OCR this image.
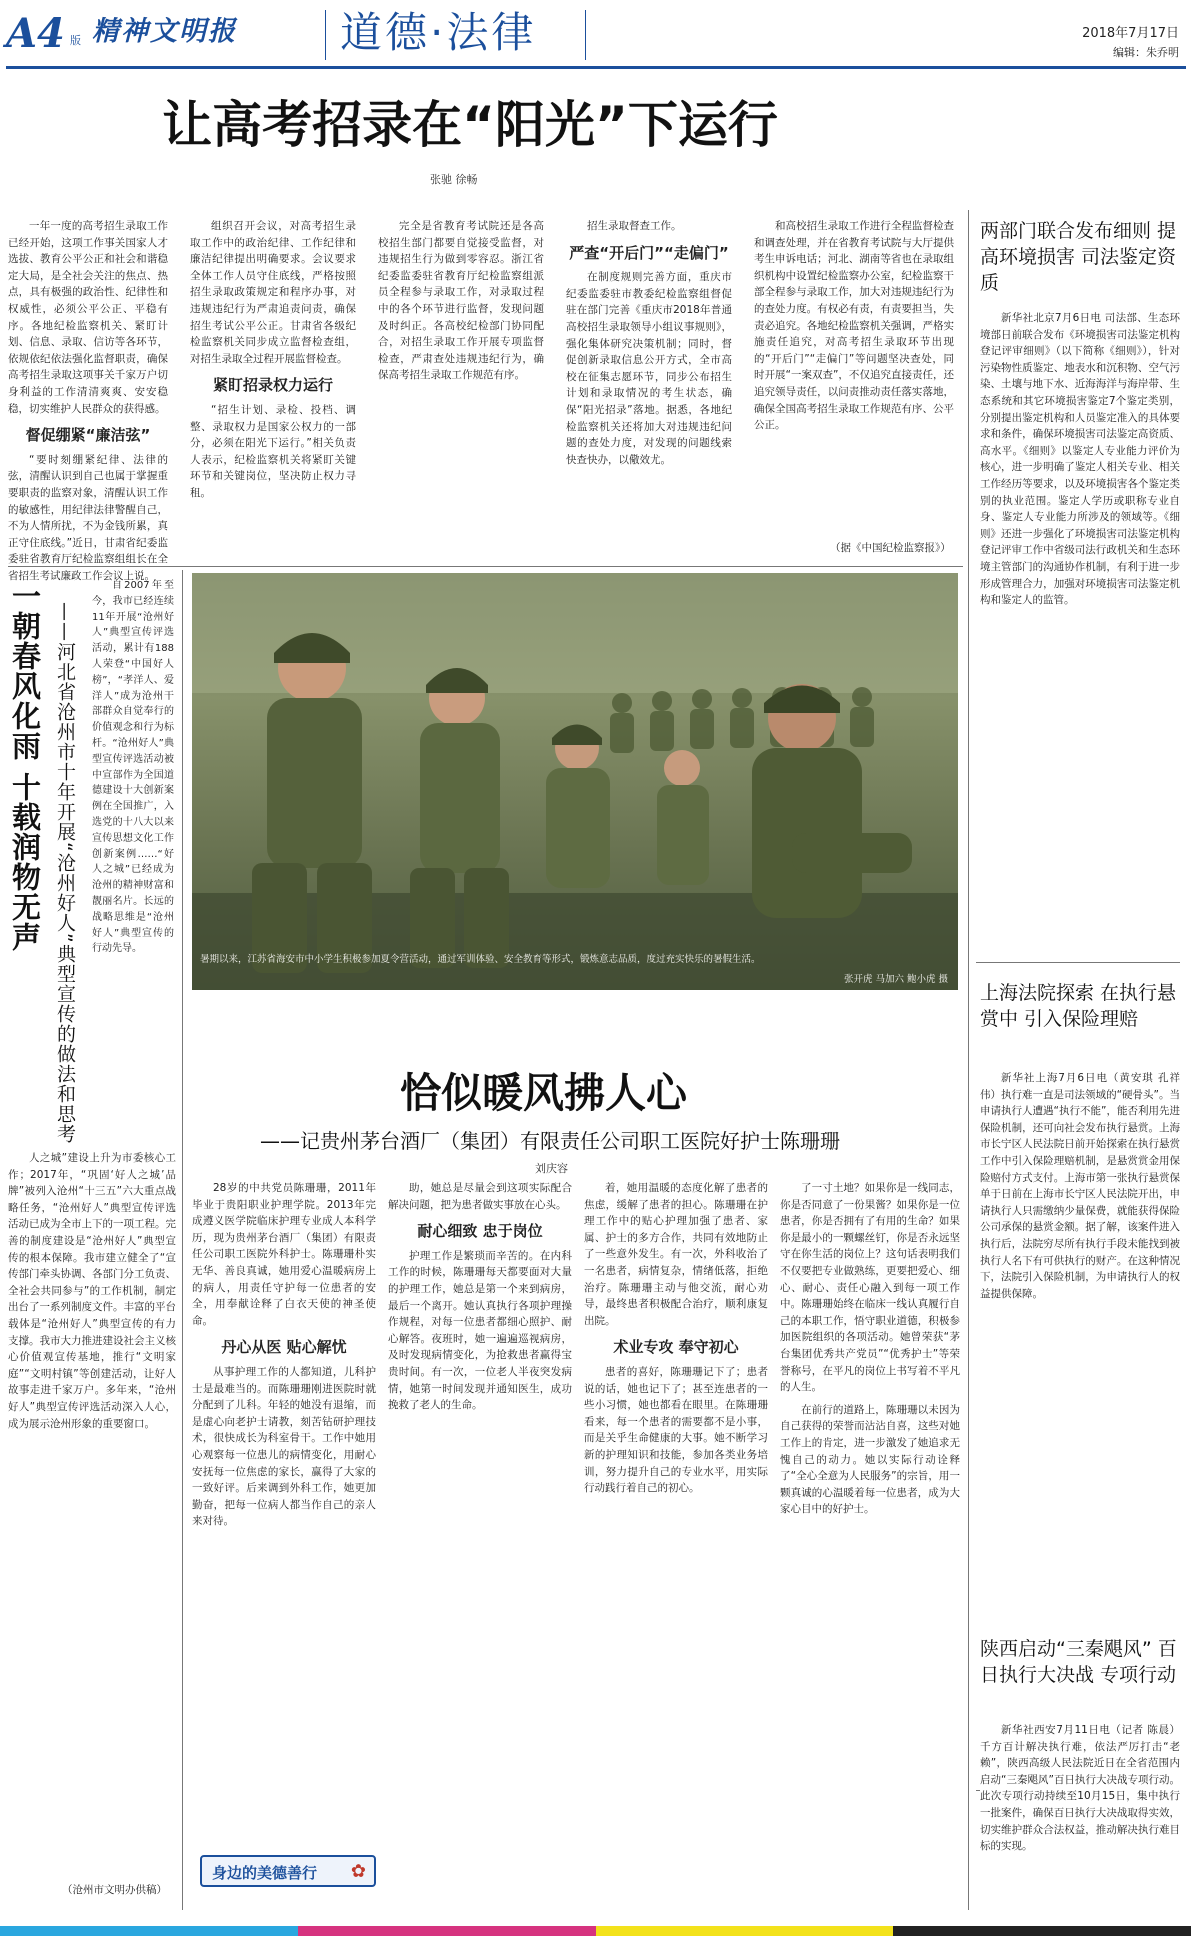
A4 版 精神文明报 道德·法律	2018年7月17日
编辑：朱乔明
让高考招录在“阳光”下运行
张驰 徐畅

一年一度的高考招生录取工作已经开始，这项工作事关国家人才选拔、教育公平公正和社会和谐稳定大局，是全社会关注的焦点、热点，具有极强的政治性、纪律性和权威性，必须公平公正、平稳有序。各地纪检监察机关、紧盯计划、信息、录取、信访等各环节，依规依纪依法强化监督职责，确保高考招生录取这项事关千家万户切身利益的工作清清爽爽、安安稳稳，切实维护人民群众的获得感。

督促绷紧“廉洁弦”

“要时刻绷紧纪律、法律的弦，清醒认识到自己也属于掌握重要职责的监察对象，清醒认识工作的敏感性，用纪律法律警醒自己，不为人情所扰，不为金钱所累，真正守住底线。”近日，甘肃省纪委监委驻省教育厅纪检监察组组长在全省招生考试廉政工作会议上说。

组织召开会议，对高考招生录取工作中的政治纪律、工作纪律和廉洁纪律提出明确要求。会议要求全体工作人员守住底线，严格按照招生录取政策规定和程序办事，对违规违纪行为严肃追责问责，确保招生考试公平公正。甘肃省各级纪检监察机关同步成立监督检查组，对招生录取全过程开展监督检查。

紧盯招录权力运行

“招生计划、录检、投档、调整、录取权力是国家公权力的一部分，必须在阳光下运行。”相关负责人表示，纪检监察机关将紧盯关键环节和关键岗位，坚决防止权力寻租。

完全是省教育考试院还是各高校招生部门都要自觉接受监督，对违规招生行为做到零容忍。浙江省纪委监委驻省教育厅纪检监察组派员全程参与录取工作，对录取过程中的各个环节进行监督，发现问题及时纠正。各高校纪检部门协同配合，对招生录取工作开展专项监督检查，严肃查处违规违纪行为，确保高考招生录取工作规范有序。

招生录取督查工作。

严查“开后门”“走偏门”

在制度规则完善方面，重庆市纪委监委驻市教委纪检监察组督促驻在部门完善《重庆市2018年普通高校招生录取领导小组议事规则》，强化集体研究决策机制；同时，督促创新录取信息公开方式，全市高校在征集志愿环节，同步公布招生计划和录取情况的考生状态，确保“阳光招录”落地。据悉，各地纪检监察机关还将加大对违规违纪问题的查处力度，对发现的问题线索快查快办，以儆效尤。

和高校招生录取工作进行全程监督检查和调查处理，并在省教育考试院与大厅提供考生申诉电话；河北、湖南等省也在录取组织机构中设置纪检监察办公室，纪检监察干部全程参与录取工作，加大对违规违纪行为的查处力度。有权必有责，有责要担当，失责必追究。各地纪检监察机关强调，严格实施责任追究，对高考招生录取环节出现的“开后门”“走偏门”等问题坚决查处，同时开展“一案双查”，不仅追究直接责任，还追究领导责任，以问责推动责任落实落地，确保全国高考招生录取工作规范有序、公平公正。

（据《中国纪检监察报》）
一朝春风化雨 十载润物无声 ——河北省沧州市十年开展“沧州好人”典型宣传的做法和思考

自2007年至今，我市已经连续11年开展“沧州好人”典型宣传评选活动，累计有188人荣登“中国好人榜”，“孝洋人、爱洋人”成为沧州干部群众自觉奉行的价值观念和行为标杆。“沧州好人”典型宣传评选活动被中宣部作为全国道德建设十大创新案例在全国推广，入选党的十八大以来宣传思想文化工作创新案例……“好人之城”已经成为沧州的精神财富和靓丽名片。长远的战略思维是“沧州好人”典型宣传的行动先导。

人之城”建设上升为市委核心工作；2017年，“巩固‘好人之城’品牌”被列入沧州“十三五”六大重点战略任务，“沧州好人”典型宣传评选活动已成为全市上下的一项工程。完善的制度建设是“沧州好人”典型宣传的根本保障。我市建立健全了“宣传部门牵头协调、各部门分工负责、全社会共同参与”的工作机制，制定出台了一系列制度文件。丰富的平台载体是“沧州好人”典型宣传的有力支撑。我市大力推进建设社会主义核心价值观宣传基地，推行“文明家庭”“文明村镇”等创建活动，让好人故事走进千家万户。多年来，“沧州好人”典型宣传评选活动深入人心，成为展示沧州形象的重要窗口。

（沧州市文明办供稿）
暑期以来，江苏省海安市中小学生积极参加夏令营活动，通过军训体验、安全教育等形式，锻炼意志品质，度过充实快乐的暑假生活。
张开虎 马加六 鲍小虎 摄
恰似暖风拂人心
——记贵州茅台酒厂（集团）有限责任公司职工医院好护士陈珊珊
刘庆容

28岁的中共党员陈珊珊，2011年毕业于贵阳职业护理学院。2013年完成遵义医学院临床护理专业成人本科学历，现为贵州茅台酒厂（集团）有限责任公司职工医院外科护士。陈珊珊朴实无华、善良真诚，她用爱心温暖病房上的病人，用责任守护每一位患者的安全，用奉献诠释了白衣天使的神圣使命。

丹心从医 贴心解忧

从事护理工作的人都知道，儿科护士是最难当的。而陈珊珊刚进医院时就分配到了儿科。年轻的她没有退缩，而是虚心向老护士请教，刻苦钻研护理技术，很快成长为科室骨干。工作中她用心观察每一位患儿的病情变化，用耐心安抚每一位焦虑的家长，赢得了大家的一致好评。后来调到外科工作，她更加勤奋，把每一位病人都当作自己的亲人来对待。

助，她总是尽量会到这项实际配合解决问题，把为患者做实事放在心头。

耐心细致 忠于岗位

护理工作是繁琐而辛苦的。在内科工作的时候，陈珊珊每天都要面对大量的护理工作，她总是第一个来到病房，最后一个离开。她认真执行各项护理操作规程，对每一位患者都细心照护、耐心解答。夜班时，她一遍遍巡视病房，及时发现病情变化，为抢救患者赢得宝贵时间。有一次，一位老人半夜突发病情，她第一时间发现并通知医生，成功挽救了老人的生命。

着，她用温暖的态度化解了患者的焦虑，缓解了患者的担心。陈珊珊在护理工作中的贴心护理加强了患者、家属、护士的多方合作，共同有效地防止了一些意外发生。有一次，外科收治了一名患者，病情复杂，情绪低落，拒绝治疗。陈珊珊主动与他交流，耐心劝导，最终患者积极配合治疗，顺利康复出院。

术业专攻 奉守初心

患者的喜好，陈珊珊记下了；患者说的话，她也记下了；甚至连患者的一些小习惯，她也都看在眼里。在陈珊珊看来，每一个患者的需要都不是小事，而是关乎生命健康的大事。她不断学习新的护理知识和技能，参加各类业务培训，努力提升自己的专业水平，用实际行动践行着自己的初心。

了一寸土地？如果你是一线同志，你是否同意了一份果酱？如果你是一位患者，你是否拥有了有用的生命？如果你是最小的一颗螺丝钉，你是否永远坚守在你生活的岗位上？这句话表明我们不仅要把专业做熟练，更要把爱心、细心、耐心、责任心融入到每一项工作中。陈珊珊始终在临床一线认真履行自己的本职工作，悟守职业道德，积极参加医院组织的各项活动。她曾荣获“茅台集团优秀共产党员”“优秀护士”等荣誉称号，在平凡的岗位上书写着不平凡的人生。

在前行的道路上，陈珊珊以未因为自己获得的荣誉而沾沾自喜，这些对她工作上的肯定，进一步激发了她追求无愧自己的动力。她以实际行动诠释了“全心全意为人民服务”的宗旨，用一颗真诚的心温暖着每一位患者，成为大家心目中的好护士。

身边的美德善行 ✿
两部门联合发布细则 提高环境损害 司法鉴定资质

新华社北京7月6日电 司法部、生态环境部日前联合发布《环境损害司法鉴定机构登记评审细则》（以下简称《细则》），针对污染物性质鉴定、地表水和沉积物、空气污染、土壤与地下水、近海海洋与海岸带、生态系统和其它环境损害鉴定7个鉴定类别，分别提出鉴定机构和人员鉴定准入的具体要求和条件，确保环境损害司法鉴定高资质、高水平。《细则》以鉴定人专业能力评价为核心，进一步明确了鉴定人相关专业、相关工作经历等要求，以及环境损害各个鉴定类别的执业范围。鉴定人学历或职称专业自身、鉴定人专业能力所涉及的领域等。《细则》还进一步强化了环境损害司法鉴定机构登记评审工作中省级司法行政机关和生态环境主管部门的沟通协作机制，有利于进一步形成管理合力，加强对环境损害司法鉴定机构和鉴定人的监管。

上海法院探索 在执行悬赏中 引入保险理赔

新华社上海7月6日电（黄安琪 孔祥伟）执行难一直是司法领域的“硬骨头”。当申请执行人遭遇“执行不能”，能否利用先进保险机制，还可向社会发布执行悬赏。上海市长宁区人民法院日前开始探索在执行悬赏工作中引入保险理赔机制，是悬赏赏金用保险赔付方式支付。上海市第一张执行悬赏保单于日前在上海市长宁区人民法院开出，申请执行人只需缴纳少量保费，就能获得保险公司承保的悬赏金额。据了解，该案件进入执行后，法院穷尽所有执行手段未能找到被执行人名下有可供执行的财产。在这种情况下，法院引入保险机制，为申请执行人的权益提供保障。

陕西启动“三秦飓风” 百日执行大决战 专项行动

新华社西安7月11日电（记者 陈晨）千方百计解决执行难，依法严厉打击“老赖”，陕西高级人民法院近日在全省范围内启动“三秦飓风”百日执行大决战专项行动。此次专项行动持续至10月15日，集中执行一批案件，确保百日执行大决战取得实效，切实维护群众合法权益，推动解决执行难目标的实现。
